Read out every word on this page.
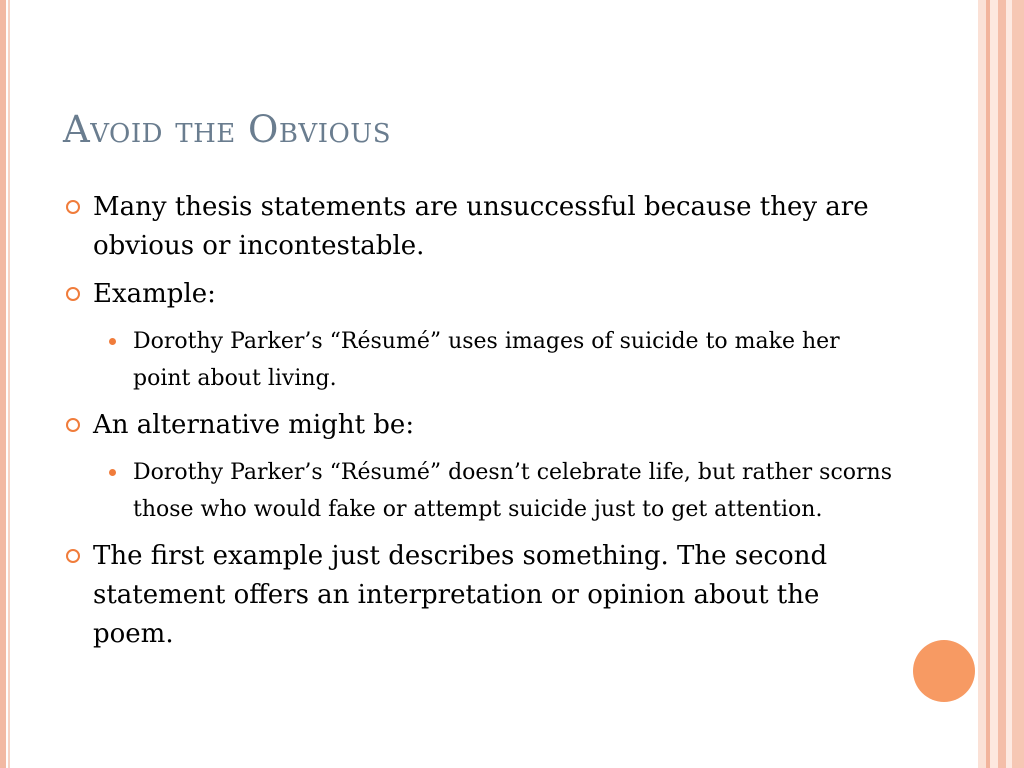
Avoid the Obvious
Many thesis statements are unsuccessful because they are obvious or incontestable.
Example:
Dorothy Parker’s “Résumé” uses images of suicide to make her point about living.
An alternative might be:
Dorothy Parker’s “Résumé” doesn’t celebrate life, but rather scorns those who would fake or attempt suicide just to get attention.
The first example just describes something. The second statement offers an interpretation or opinion about the poem.
